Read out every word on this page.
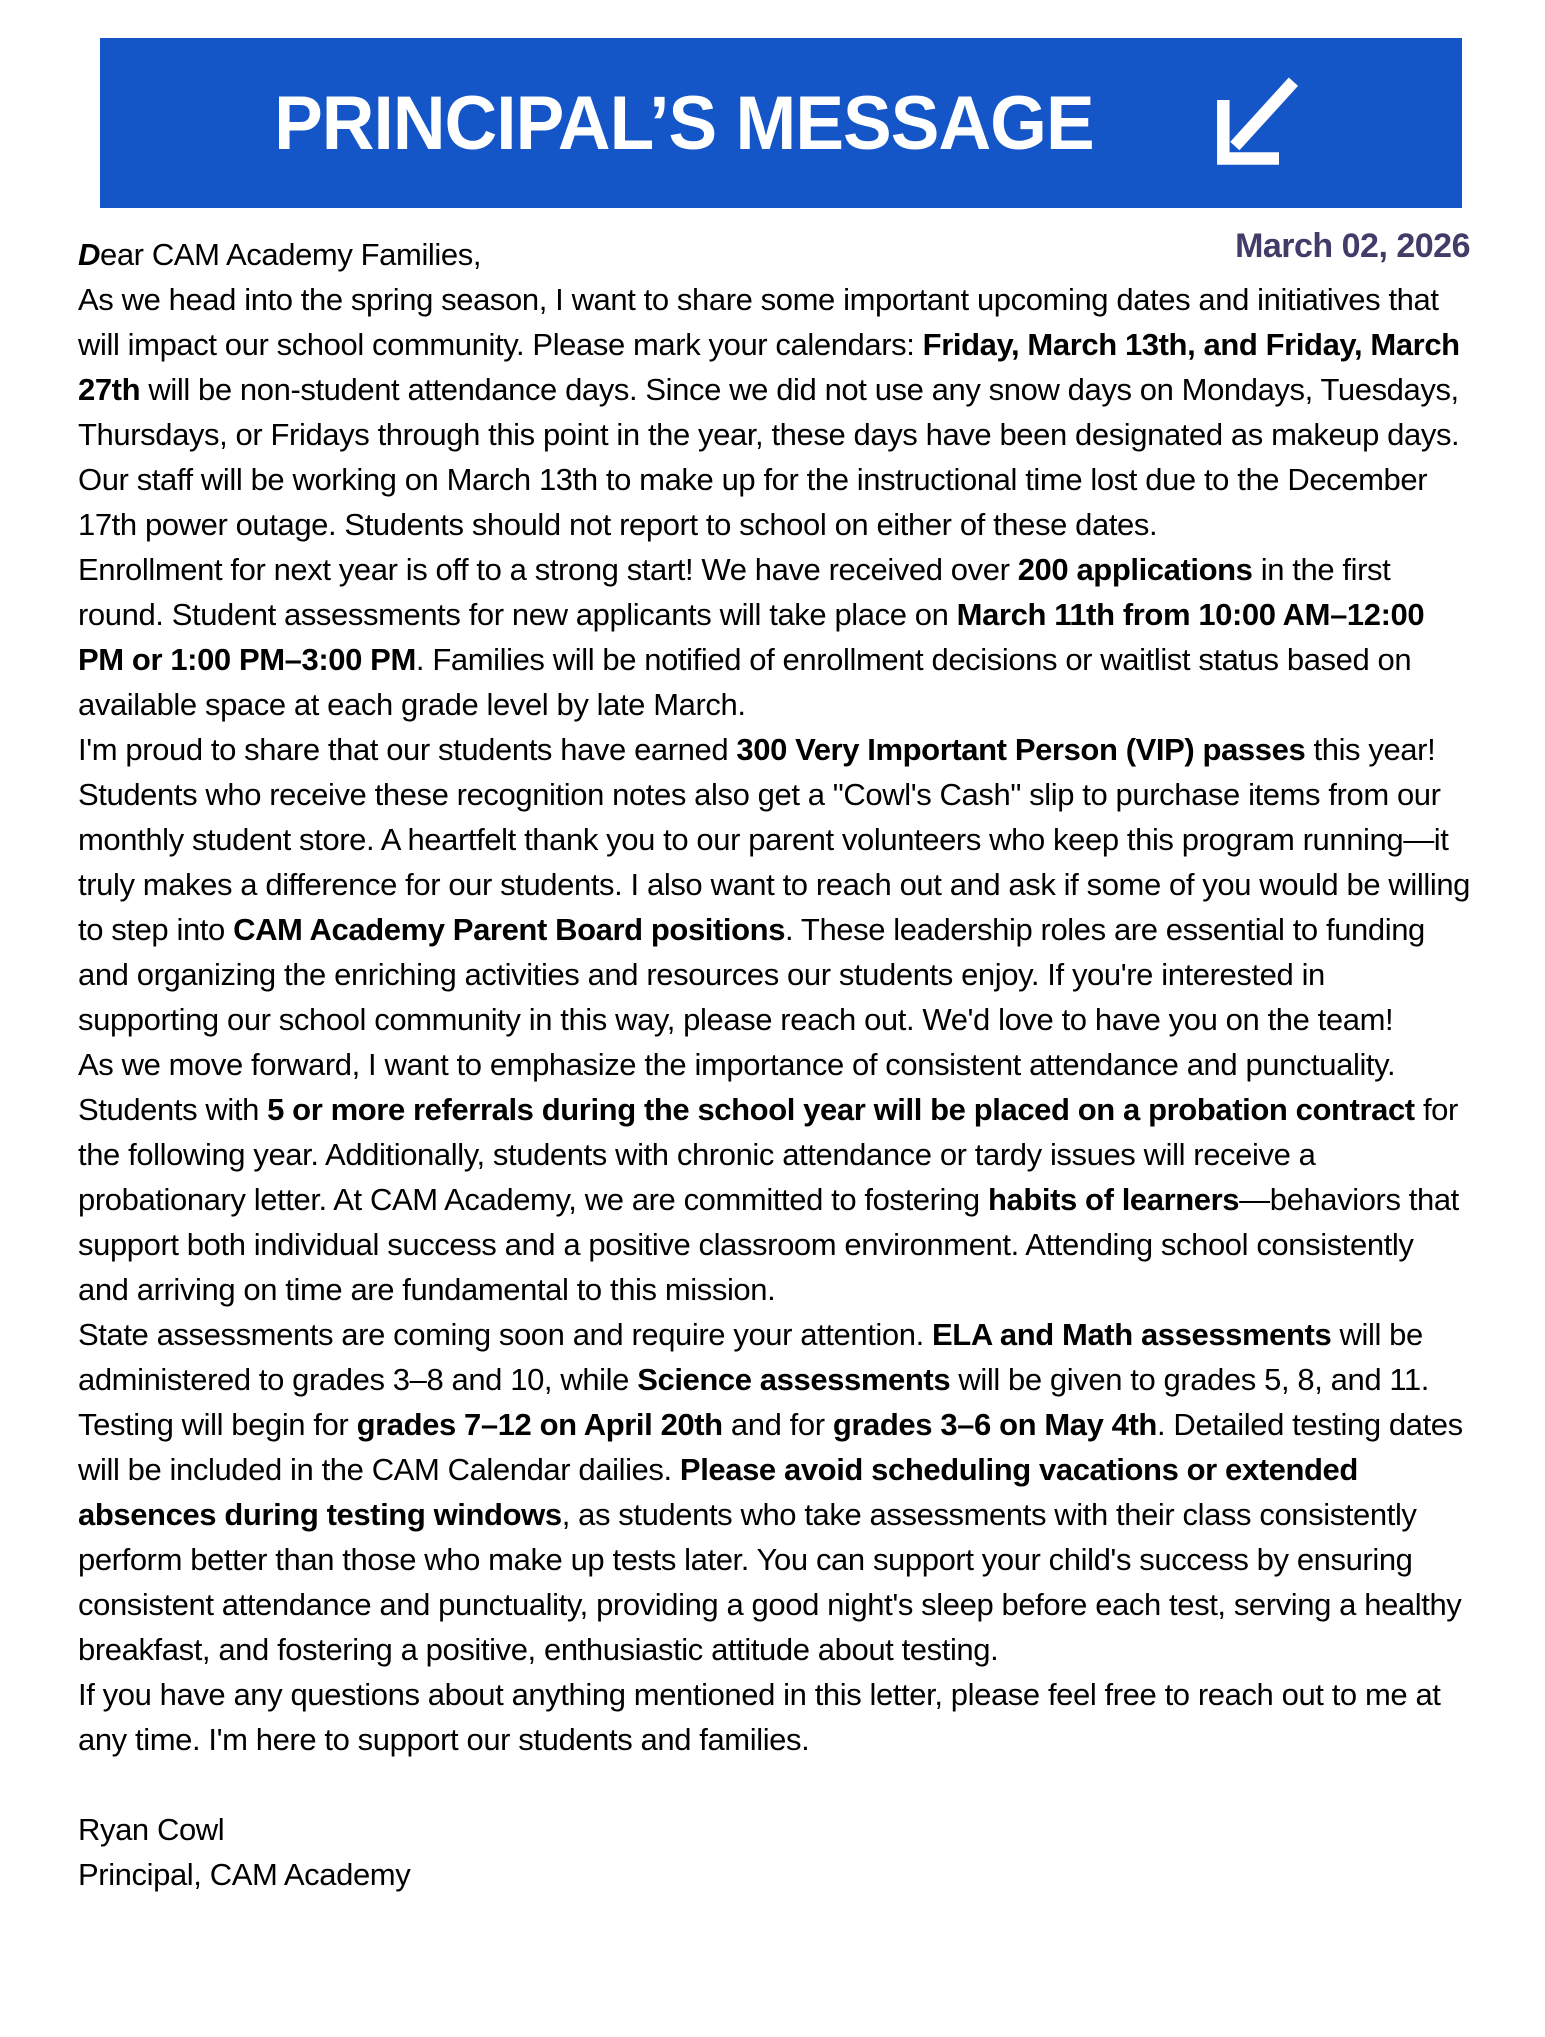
PRINCIPAL’S MESSAGE
March 02, 2026

Dear CAM Academy Families,

As we head into the spring season, I want to share some important upcoming dates and initiatives that will impact our school community. Please mark your calendars: Friday, March 13th, and Friday, March 27th will be non-student attendance days. Since we did not use any snow days on Mondays, Tuesdays, Thursdays, or Fridays through this point in the year, these days have been designated as makeup days. Our staff will be working on March 13th to make up for the instructional time lost due to the December 17th power outage. Students should not report to school on either of these dates.

Enrollment for next year is off to a strong start! We have received over 200 applications in the first round. Student assessments for new applicants will take place on March 11th from 10:00 AM–12:00 PM or 1:00 PM–3:00 PM. Families will be notified of enrollment decisions or waitlist status based on available space at each grade level by late March.

I'm proud to share that our students have earned 300 Very Important Person (VIP) passes this year! Students who receive these recognition notes also get a "Cowl's Cash" slip to purchase items from our monthly student store. A heartfelt thank you to our parent volunteers who keep this program running—it truly makes a difference for our students. I also want to reach out and ask if some of you would be willing to step into CAM Academy Parent Board positions. These leadership roles are essential to funding and organizing the enriching activities and resources our students enjoy. If you're interested in supporting our school community in this way, please reach out. We'd love to have you on the team!

As we move forward, I want to emphasize the importance of consistent attendance and punctuality. Students with 5 or more referrals during the school year will be placed on a probation contract for the following year. Additionally, students with chronic attendance or tardy issues will receive a probationary letter. At CAM Academy, we are committed to fostering habits of learners—behaviors that support both individual success and a positive classroom environment. Attending school consistently and arriving on time are fundamental to this mission.

State assessments are coming soon and require your attention. ELA and Math assessments will be administered to grades 3–8 and 10, while Science assessments will be given to grades 5, 8, and 11. Testing will begin for grades 7–12 on April 20th and for grades 3–6 on May 4th. Detailed testing dates will be included in the CAM Calendar dailies. Please avoid scheduling vacations or extended absences during testing windows, as students who take assessments with their class consistently perform better than those who make up tests later. You can support your child's success by ensuring consistent attendance and punctuality, providing a good night's sleep before each test, serving a healthy breakfast, and fostering a positive, enthusiastic attitude about testing.

If you have any questions about anything mentioned in this letter, please feel free to reach out to me at any time. I'm here to support our students and families.

Ryan Cowl
Principal, CAM Academy
